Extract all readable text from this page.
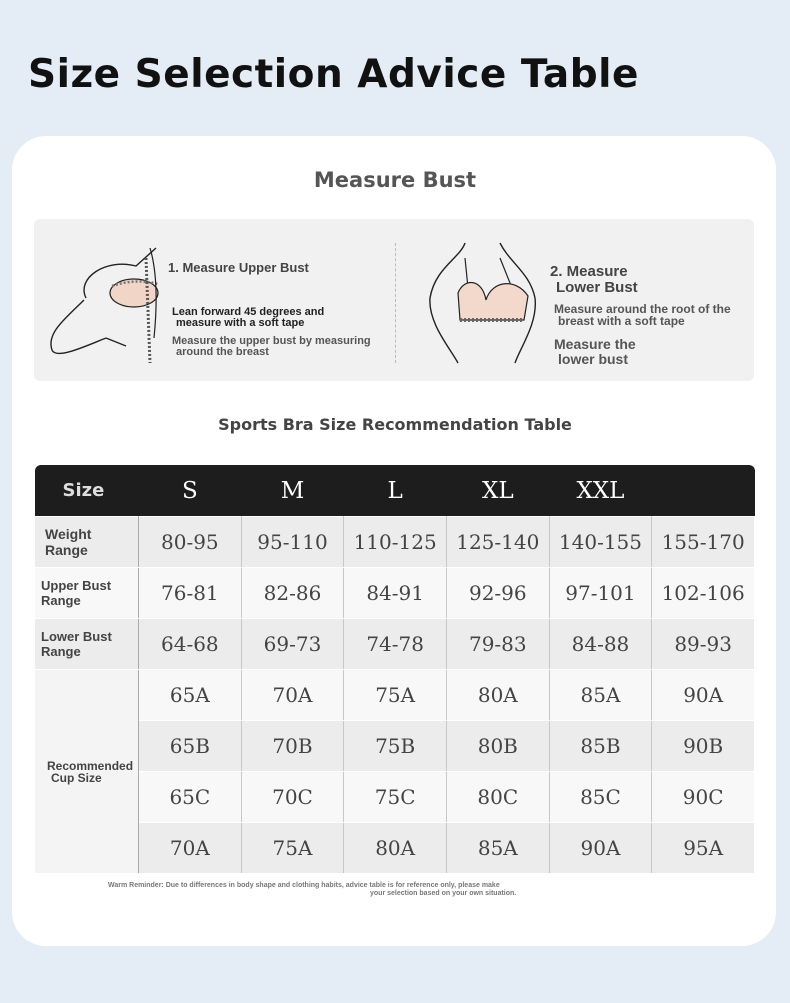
Size Selection Advice Table
Measure Bust
1. Measure Upper Bust
Lean forward 45 degrees and
measure with a soft tape
Measure the upper bust by measuring
around the breast
2. Measure
Lower Bust
Measure around the root of the
breast with a soft tape
Measure the
lower bust
Sports Bra Size Recommendation Table
Size	S	M	L	XL	XXL	
Weight Range	80-95	95-110	110-125	125-140	140-155	155-170
Upper Bust Range	76-81	82-86	84-91	92-96	97-101	102-106
Lower Bust Range	64-68	69-73	74-78	79-83	84-88	89-93

Recommended
Cup Size	65A	70A	75A	80A	85A	90A
	65B	70B	75B	80B	85B	90B
	65C	70C	75C	80C	85C	90C
	70A	75A	80A	85A	90A	95A
Warm Reminder: Due to differences in body shape and clothing habits, advice table is for reference only, please make
your selection based on your own situation.
